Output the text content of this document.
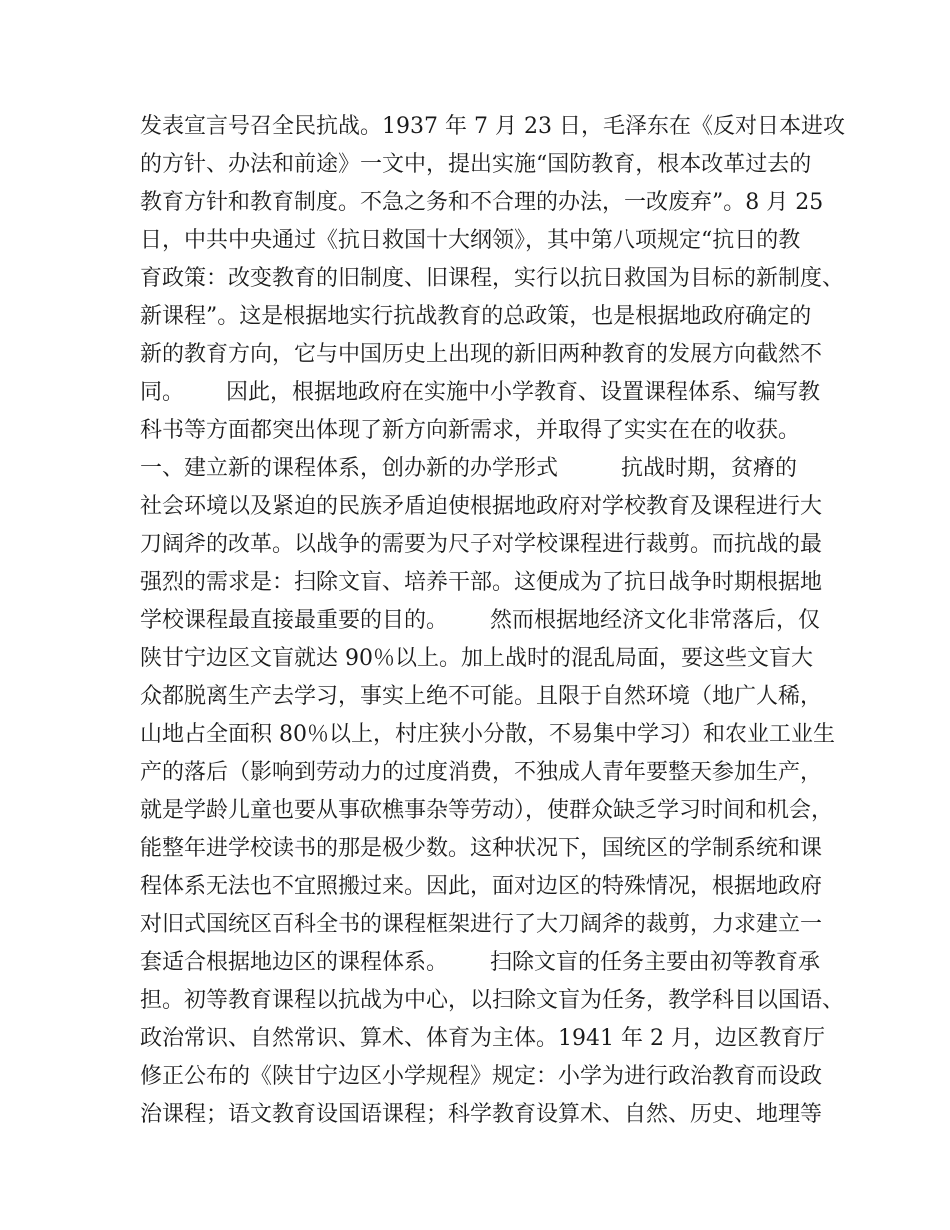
发表宣言号召全民抗战。1937 年 7 月 23 日，毛泽东在《反对日本进攻
的方针、办法和前途》一文中，提出实施“国防教育，根本改革过去的
教育方针和教育制度。不急之务和不合理的办法，一改废弃”。8 月 25
日，中共中央通过《抗日救国十大纲领》，其中第八项规定“抗日的教
育政策：改变教育的旧制度、旧课程，实行以抗日救国为目标的新制度、
新课程”。这是根据地实行抗战教育的总政策，也是根据地政府确定的
新的教育方向，它与中国历史上出现的新旧两种教育的发展方向截然不
同。      因此，根据地政府在实施中小学教育、设置课程体系、编写教
科书等方面都突出体现了新方向新需求，并取得了实实在在的收获。
一、建立新的课程体系，创办新的办学形式         抗战时期，贫瘠的
社会环境以及紧迫的民族矛盾迫使根据地政府对学校教育及课程进行大
刀阔斧的改革。以战争的需要为尺子对学校课程进行裁剪。而抗战的最
强烈的需求是：扫除文盲、培养干部。这便成为了抗日战争时期根据地
学校课程最直接最重要的目的。      然而根据地经济文化非常落后，仅
陕甘宁边区文盲就达 90％以上。加上战时的混乱局面，要这些文盲大
众都脱离生产去学习，事实上绝不可能。且限于自然环境（地广人稀，
山地占全面积 80％以上，村庄狭小分散，不易集中学习）和农业工业生
产的落后（影响到劳动力的过度消费，不独成人青年要整天参加生产，
就是学龄儿童也要从事砍樵事杂等劳动），使群众缺乏学习时间和机会，
能整年进学校读书的那是极少数。这种状况下，国统区的学制系统和课
程体系无法也不宜照搬过来。因此，面对边区的特殊情况，根据地政府
对旧式国统区百科全书的课程框架进行了大刀阔斧的裁剪，力求建立一
套适合根据地边区的课程体系。      扫除文盲的任务主要由初等教育承
担。初等教育课程以抗战为中心，以扫除文盲为任务，教学科目以国语、
政治常识、自然常识、算术、体育为主体。1941 年 2 月，边区教育厅
修正公布的《陕甘宁边区小学规程》规定：小学为进行政治教育而设政
治课程；语文教育设国语课程；科学教育设算术、自然、历史、地理等
